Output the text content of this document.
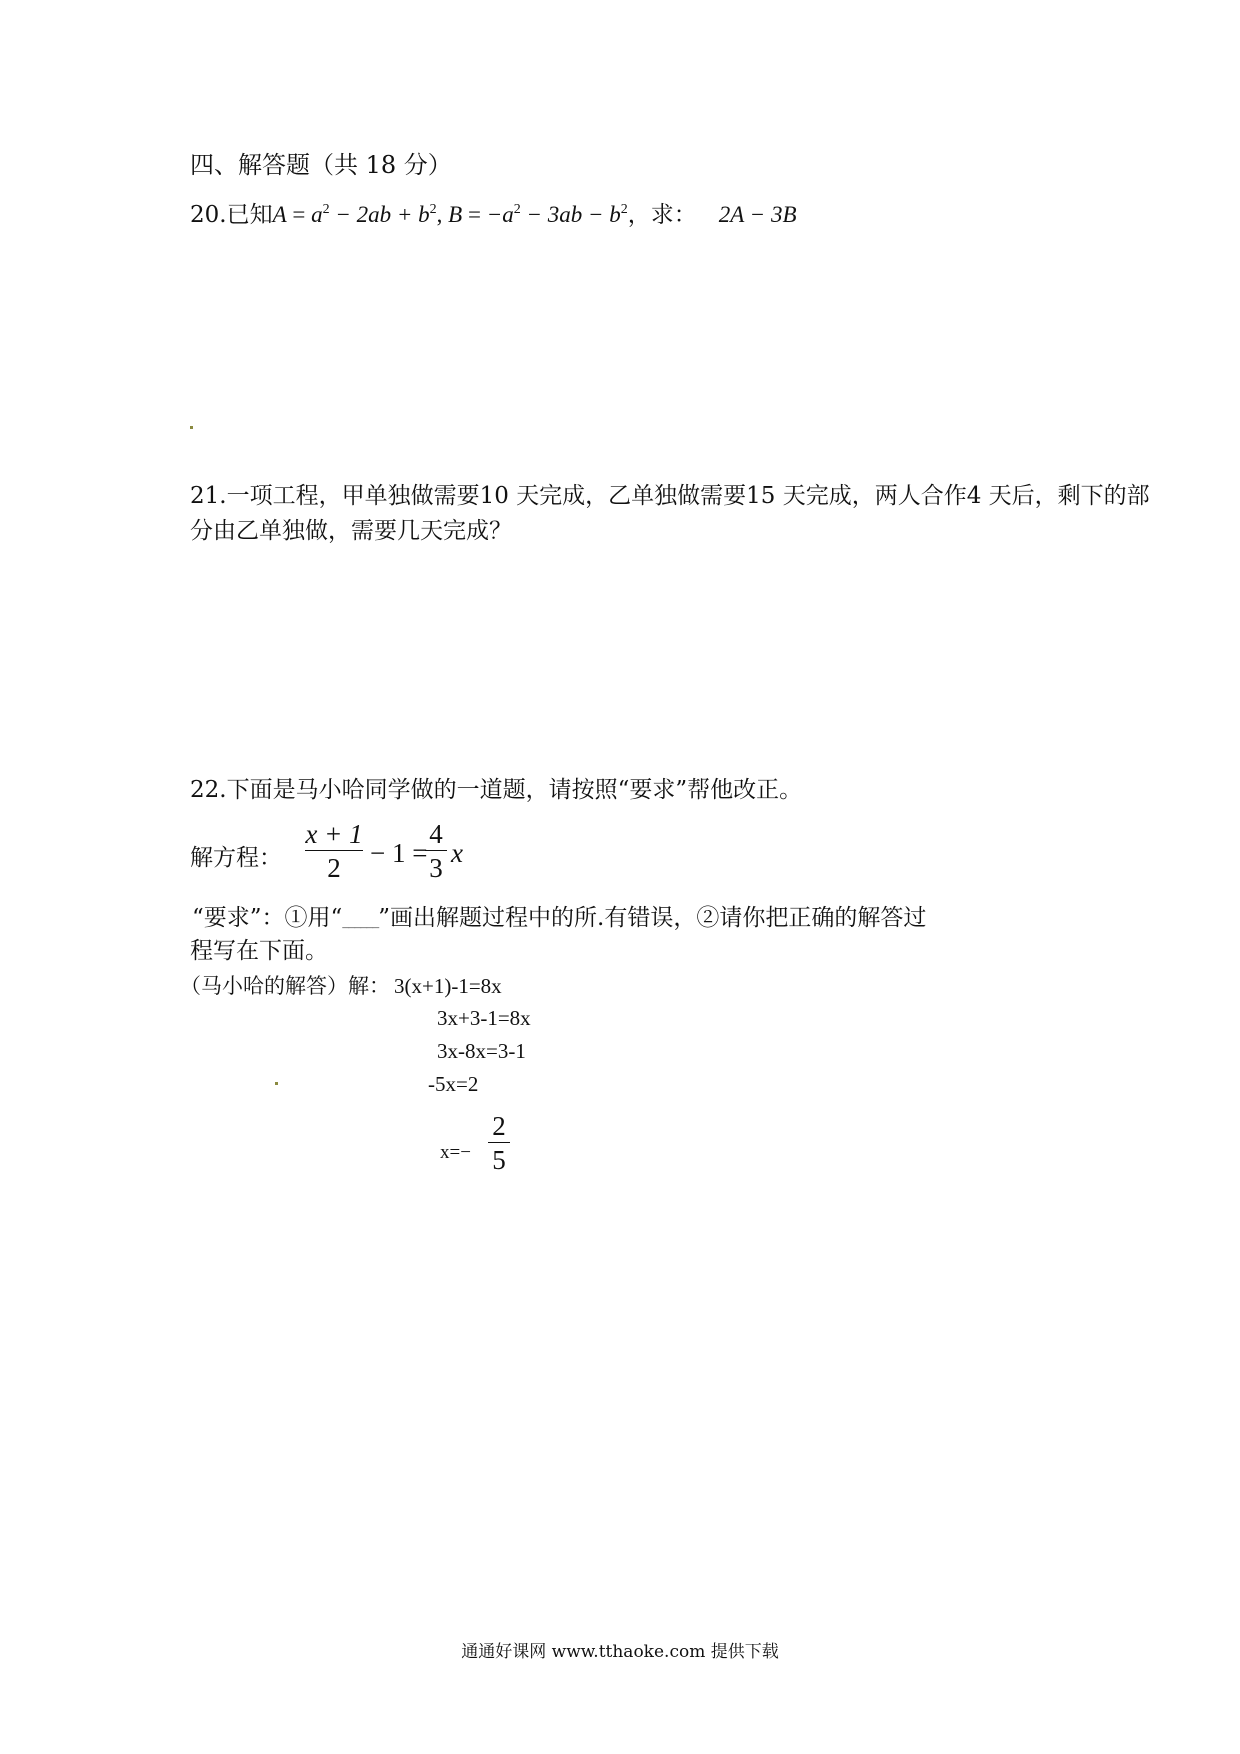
四、解答题（共 18 分）
20.已知$A = a^2 - 2ab + b^2$, $B = -a^2 - 3ab - b^2$，求： 2A − 3B
21.一项工程，甲单独做需要10 天完成，乙单独做需要15 天完成，两人合作4 天后，剩下的部
分由乙单独做，需要几天完成？
22.下面是马小哈同学做的一道题，请按照“要求”帮他改正。
解方程：
x + 1
2	− 1 =
4
3 x
“要求”：①用“______”画出解题过程中的所.有错误，②请你把正确的解答过
程写在下面。
（马小哈的解答）解： 3(x+1)-1=8x
3x+3-1=8x
3x-8x=3-1
-5x=2
x=−
2
5
通通好课网 www.tthaoke.com 提供下载
